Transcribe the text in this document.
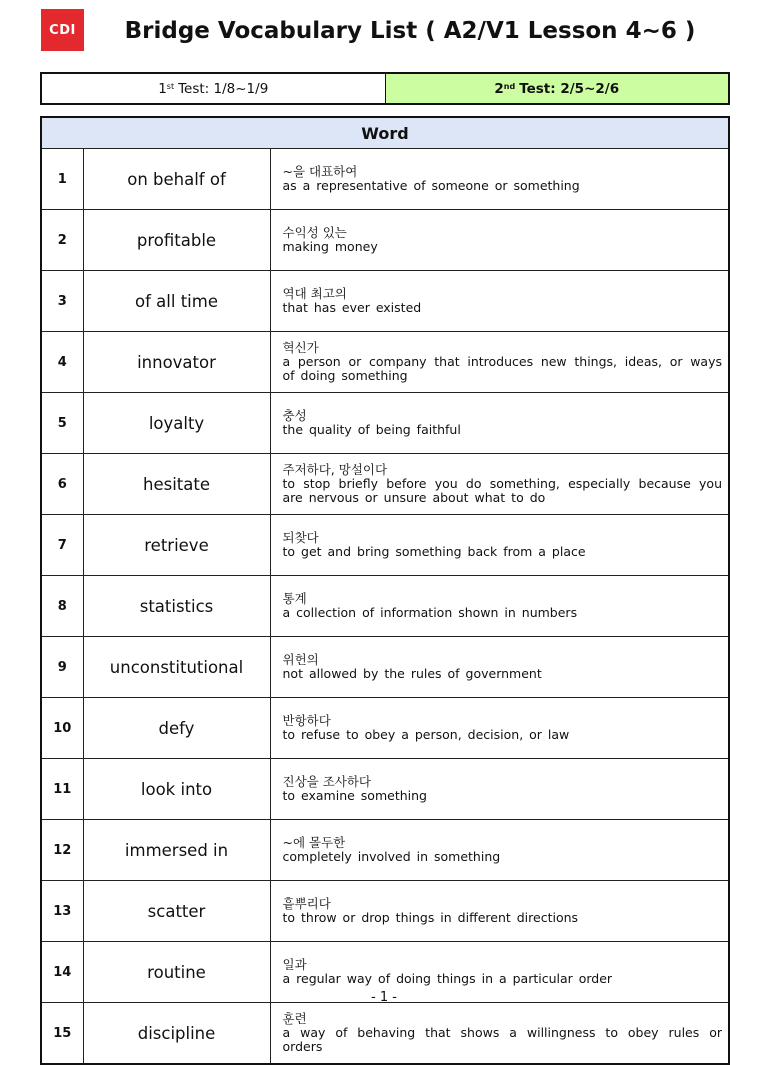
CDI	Bridge Vocabulary List ( A2/V1 Lesson 4~6 )
1st Test: 1/8~1/9	2nd Test: 2/5~2/6
Word		
1	on behalf of	~을 대표하여
as a representative of someone or something

2	profitable	수익성 있는
making money

3	of all time	역대 최고의
that has ever existed

4	innovator	혁신가
a person or company that introduces new things, ideas, or ways of doing something

5	loyalty	충성
the quality of being faithful

6	hesitate	주저하다, 망설이다
to stop briefly before you do something, especially because you are nervous or unsure about what to do

7	retrieve	되찾다
to get and bring something back from a place

8	statistics	통계
a collection of information shown in numbers

9	unconstitutional	위헌의
not allowed by the rules of government

10	defy	반항하다
to refuse to obey a person, decision, or law

11	look into	진상을 조사하다
to examine something

12	immersed in	~에 몰두한
completely involved in something

13	scatter	흩뿌리다
to throw or drop things in different directions

14	routine	일과
a regular way of doing things in a particular order

15	discipline	훈련
a way of behaving that shows a willingness to obey rules or orders
- 1 -
